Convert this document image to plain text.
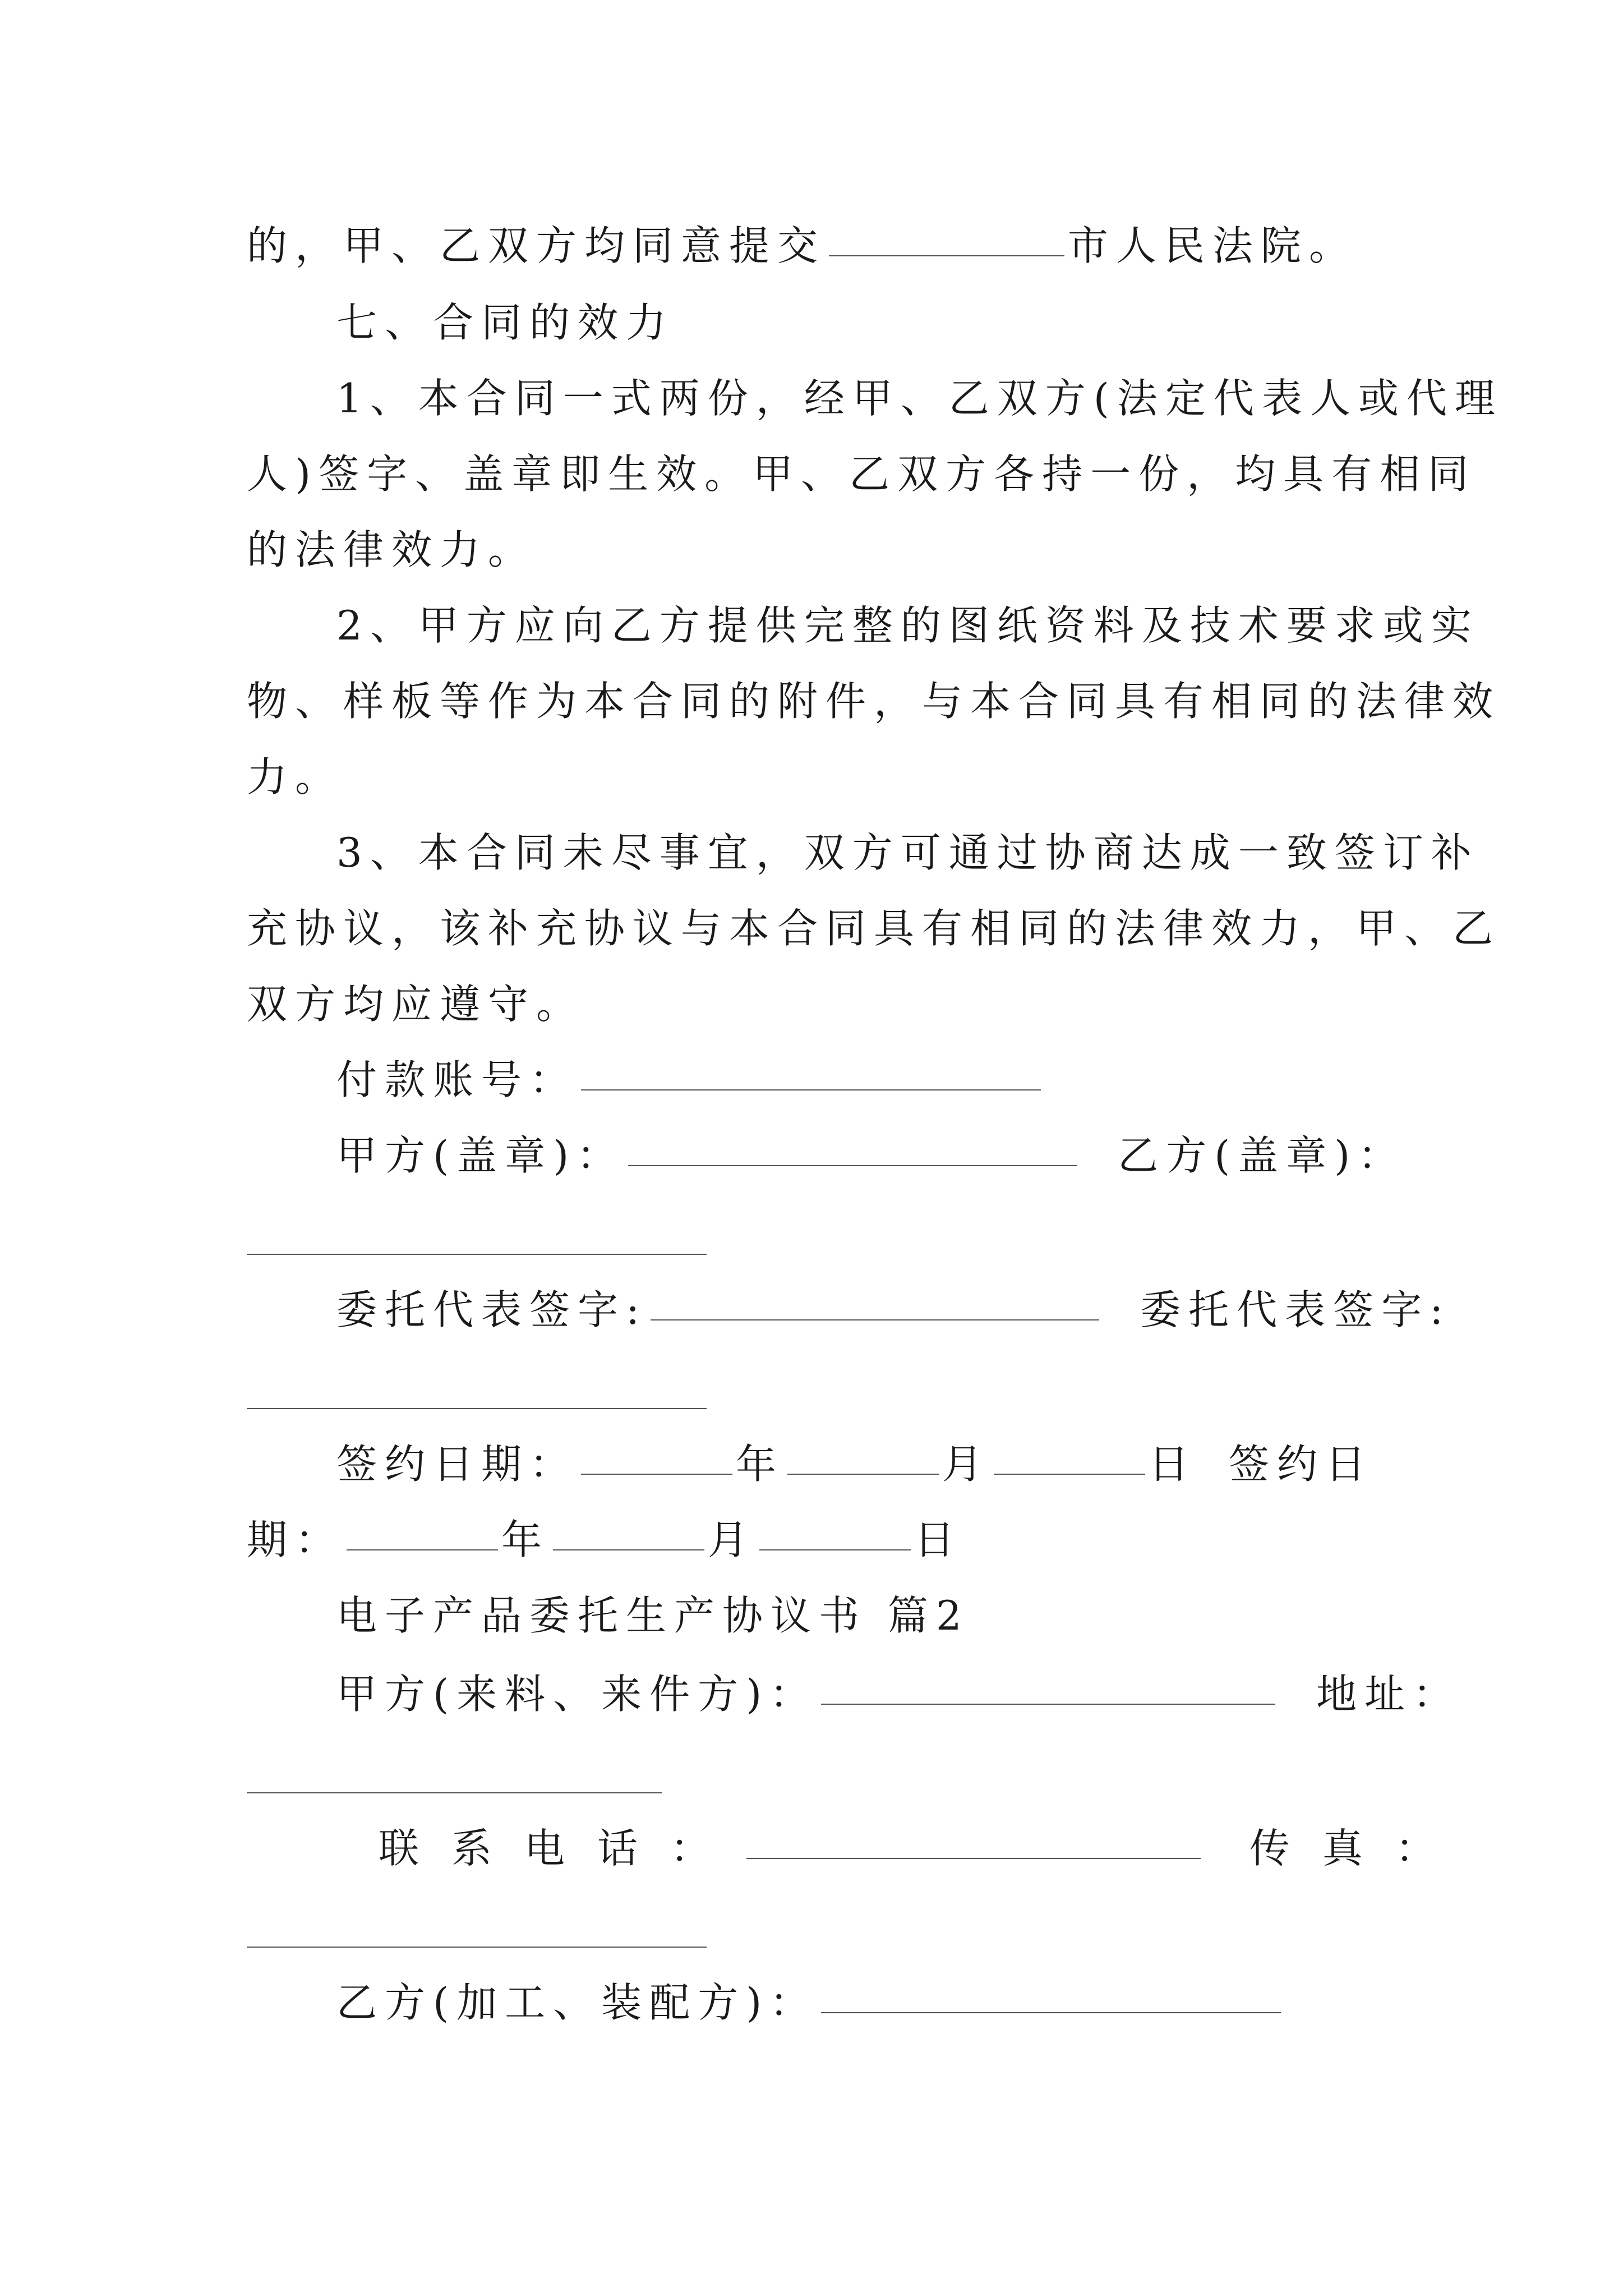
的，甲、乙双方均同意提交	市人民法院。
七、合同的效力
1、本合同一式两份，经甲、乙双方(法定代表人或代理
人)签字、盖章即生效。甲、乙双方各持一份，均具有相同
的法律效力。
2、甲方应向乙方提供完整的图纸资料及技术要求或实
物、样板等作为本合同的附件，与本合同具有相同的法律效
力。
3、本合同未尽事宜，双方可通过协商达成一致签订补
充协议，该补充协议与本合同具有相同的法律效力，甲、乙
双方均应遵守。
付款账号：
甲方(盖章)：	乙方(盖章)：
委托代表签字:	委托代表签字:
签约日期：	年	月	日 签约日
期：	年	月	日
电子产品委托生产协议书 篇2
甲方(来料、来件方)：	地址：
联系电话：	传真：
乙方(加工、装配方)：
